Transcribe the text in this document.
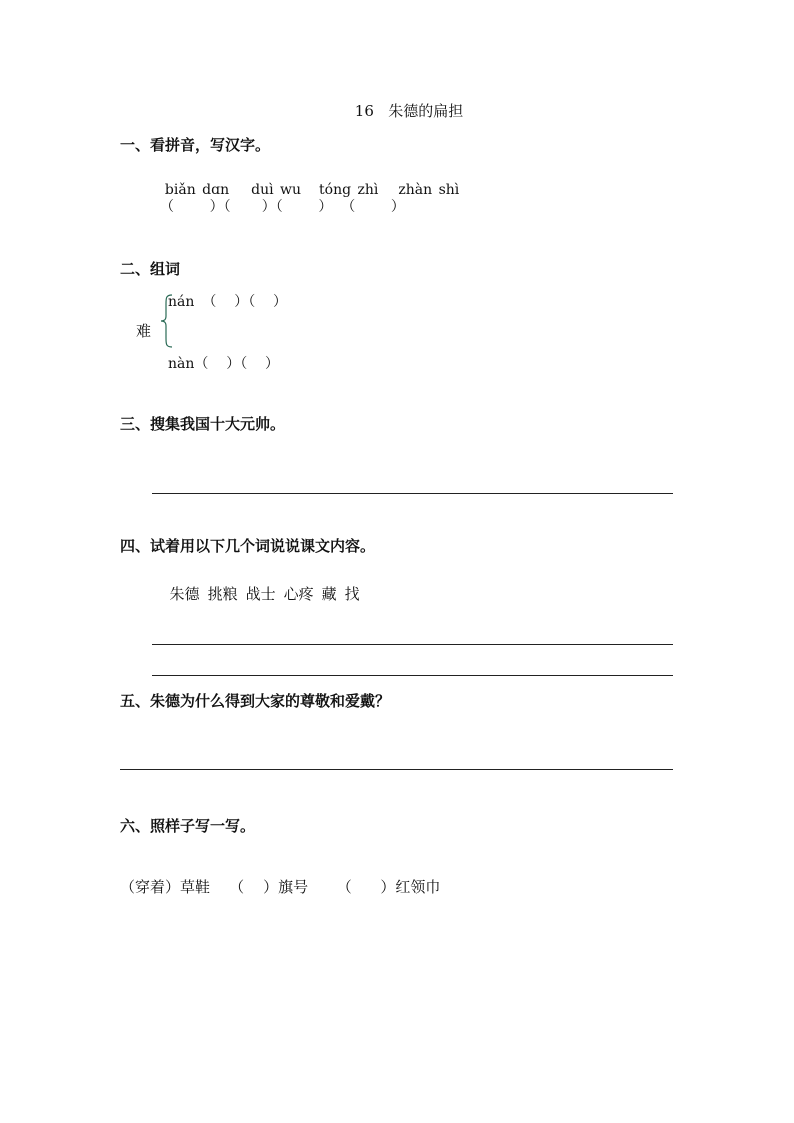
16   朱德的扁担
一、看拼音，写汉字。

biǎn dɑn duì wu tóng zhì zhàn shì

（        ）（       ）（        ）  （        ）
二、组词
难
nán （    ）（    ）
nàn（    ）（    ）
三、搜集我国十大元帅。
四、试着用以下几个词说说课文内容。

朱德 挑粮 战士 心疼 藏 找

五、朱德为什么得到大家的尊敬和爱戴？
六、照样子写一写。
（穿着）草鞋    （    ）旗号      （      ）红领巾
